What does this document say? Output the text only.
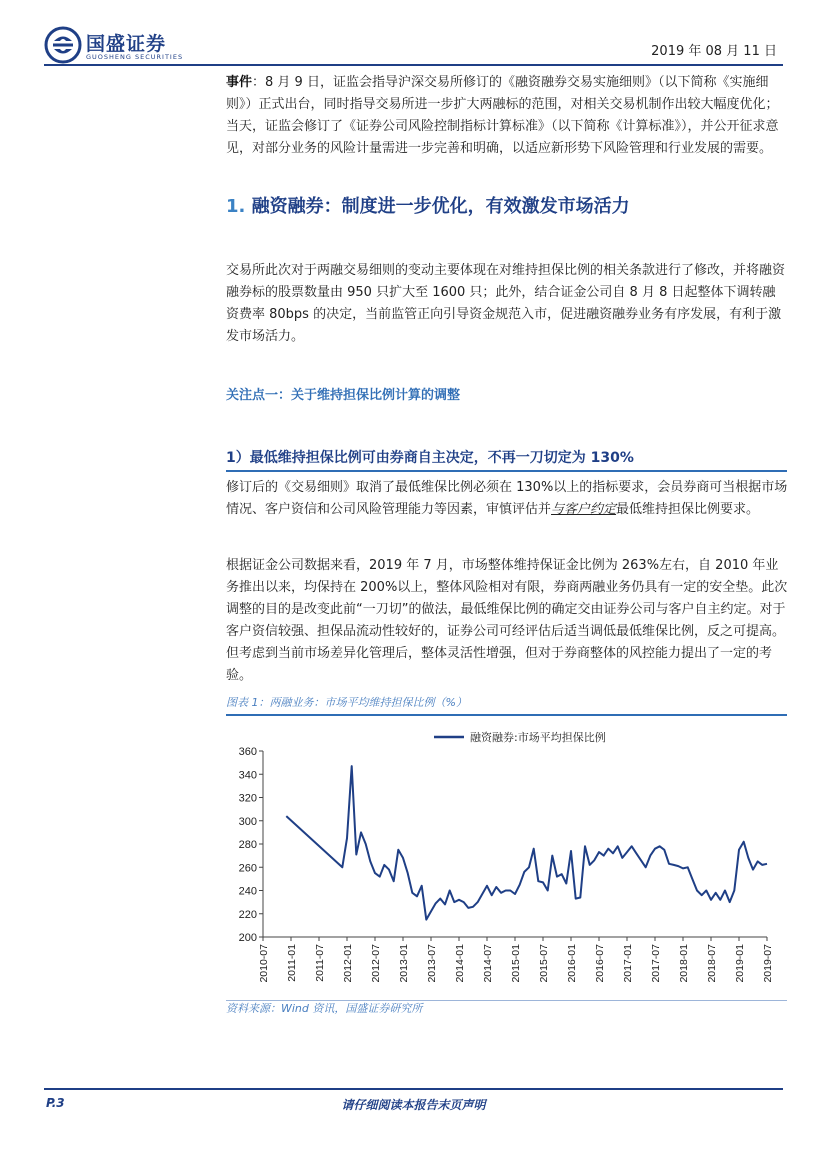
国盛证券
GUOSHENG SECURITIES	2019 年 08 月 11 日

事件：8 月 9 日，证监会指导沪深交易所修订的《融资融券交易实施细则》（以下简称《实施细则》）正式出台，同时指导交易所进一步扩大两融标的范围，对相关交易机制作出较大幅度优化；当天，证监会修订了《证券公司风险控制指标计算标准》（以下简称《计算标准》），并公开征求意见，对部分业务的风险计量需进一步完善和明确，以适应新形势下风险管理和行业发展的需要。

1. 融资融券：制度进一步优化，有效激发市场活力

交易所此次对于两融交易细则的变动主要体现在对维持担保比例的相关条款进行了修改，并将融资融券标的股票数量由 950 只扩大至 1600 只；此外，结合证金公司自 8 月 8 日起整体下调转融资费率 80bps 的决定，当前监管正向引导资金规范入市，促进融资融券业务有序发展，有利于激发市场活力。

关注点一：关于维持担保比例计算的调整
1）最低维持担保比例可由券商自主决定，不再一刀切定为 130%

修订后的《交易细则》取消了最低维保比例必须在 130%以上的指标要求，会员券商可当根据市场情况、客户资信和公司风险管理能力等因素，审慎评估并与客户约定最低维持担保比例要求。

根据证金公司数据来看，2019 年 7 月，市场整体维持保证金比例为 263%左右，自 2010 年业务推出以来，均保持在 200%以上，整体风险相对有限，券商两融业务仍具有一定的安全垫。此次调整的目的是改变此前“一刀切”的做法，最低维保比例的确定交由证券公司与客户自主约定。对于客户资信较强、担保品流动性较好的，证券公司可经评估后适当调低最低维保比例，反之可提高。但考虑到当前市场差异化管理后，整体灵活性增强，但对于券商整体的风控能力提出了一定的考验。

图表 1：两融业务：市场平均维持担保比例（%）
200
220
240
260
280
300
320
340
360
2010-07 2011-01 2011-07 2012-01 2012-07 2013-01 2013-07 2014-01 2014-07 2015-01 2015-07 2016-01 2016-07 2017-01 2017-07 2018-01 2018-07 2019-01 2019-07
融资融券:市场平均担保比例
资料来源：Wind 资讯，国盛证券研究所
P.3	请仔细阅读本报告末页声明
